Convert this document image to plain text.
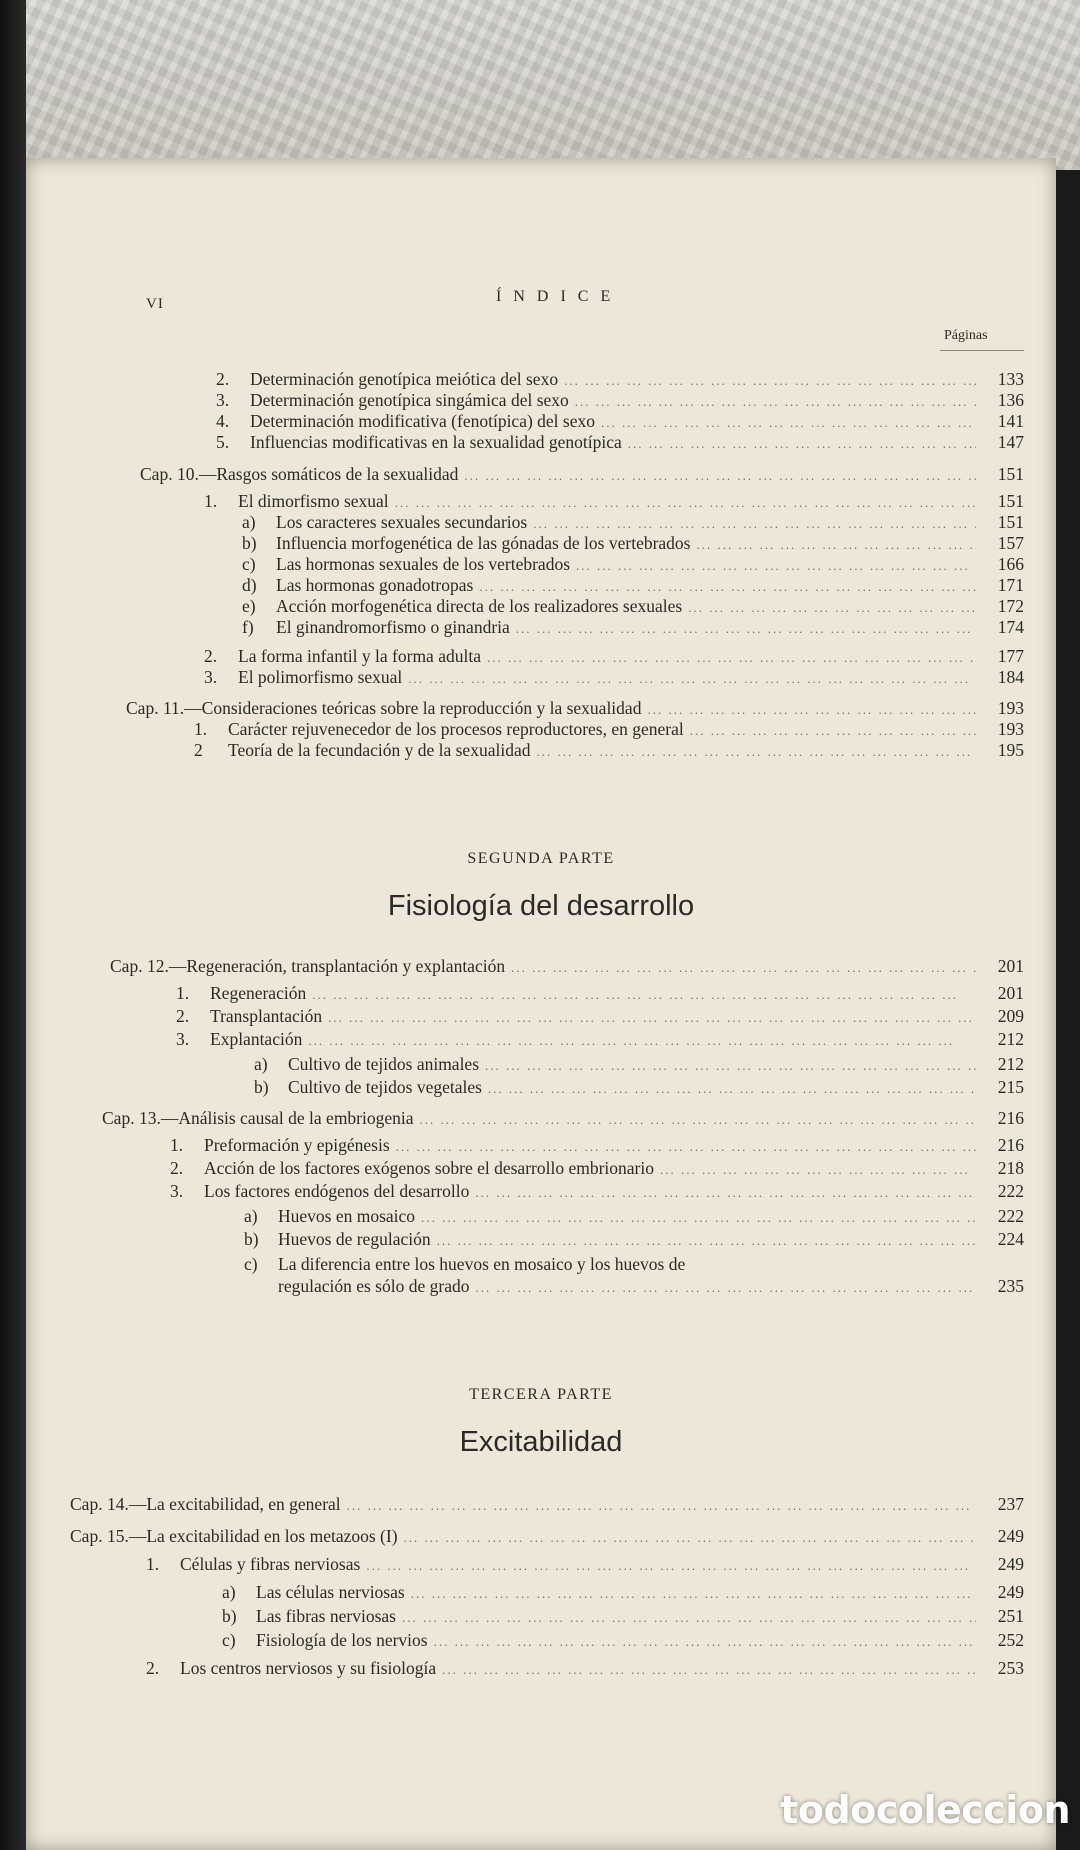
VI	ÍNDICE
Páginas
2.	Determinación genotípica meiótica del sexo ... .	133
3.	Determinación genotípica singámica del sexo ... .	136
4.	Determinación modificativa (fenotípica) del sexo ... .	141
5.	Influencias modificativas en la sexualidad genotípica ... .	147
Cap. 10.—Rasgos somáticos de la sexualidad ... .	151
1.	El dimorfismo sexual ... .	151
a)	Los caracteres sexuales secundarios ... .	151
b)	Influencia morfogenética de las gónadas de los vertebrados ... .	157
c)	Las hormonas sexuales de los vertebrados ... .	166
d)	Las hormonas gonadotropas ... .	171
e)	Acción morfogenética directa de los realizadores sexuales ... .	172
f)	El ginandromorfismo o ginandria ... .	174
2.	La forma infantil y la forma adulta ... .	177
3.	El polimorfismo sexual ... .	184
Cap. 11.—Consideraciones teóricas sobre la reproducción y la sexualidad ... .	193
1.	Carácter rejuvenecedor de los procesos reproductores, en general ... .	193
2	Teoría de la fecundación y de la sexualidad ... .	195
SEGUNDA PARTE
Fisiología del desarrollo
Cap. 12.—Regeneración, transplantación y explantación ... .	201
1.	Regeneración ... .	201
2.	Transplantación ... .	209
3.	Explantación ... .	212
a)	Cultivo de tejidos animales ... .	212
b)	Cultivo de tejidos vegetales ... .	215
Cap. 13.—Análisis causal de la embriogenia ... .	216
1.	Preformación y epigénesis ... .	216
2.	Acción de los factores exógenos sobre el desarrollo embrionario ... .	218
3.	Los factores endógenos del desarrollo ... .	222
a)	Huevos en mosaico ... .	222
b)	Huevos de regulación ... .	224
c)	La diferencia entre los huevos en mosaico y los huevos de
regulación es sólo de grado ... .	235
TERCERA PARTE
Excitabilidad
Cap. 14.—La excitabilidad, en general ... .	237
Cap. 15.—La excitabilidad en los metazoos (I) ... .	249
1.	Células y fibras nerviosas ... .	249
a)	Las células nerviosas ... .	249
b)	Las fibras nerviosas ... .	251
c)	Fisiología de los nervios ... .	252
2.	Los centros nerviosos y su fisiología ... .	253
todocoleccion
